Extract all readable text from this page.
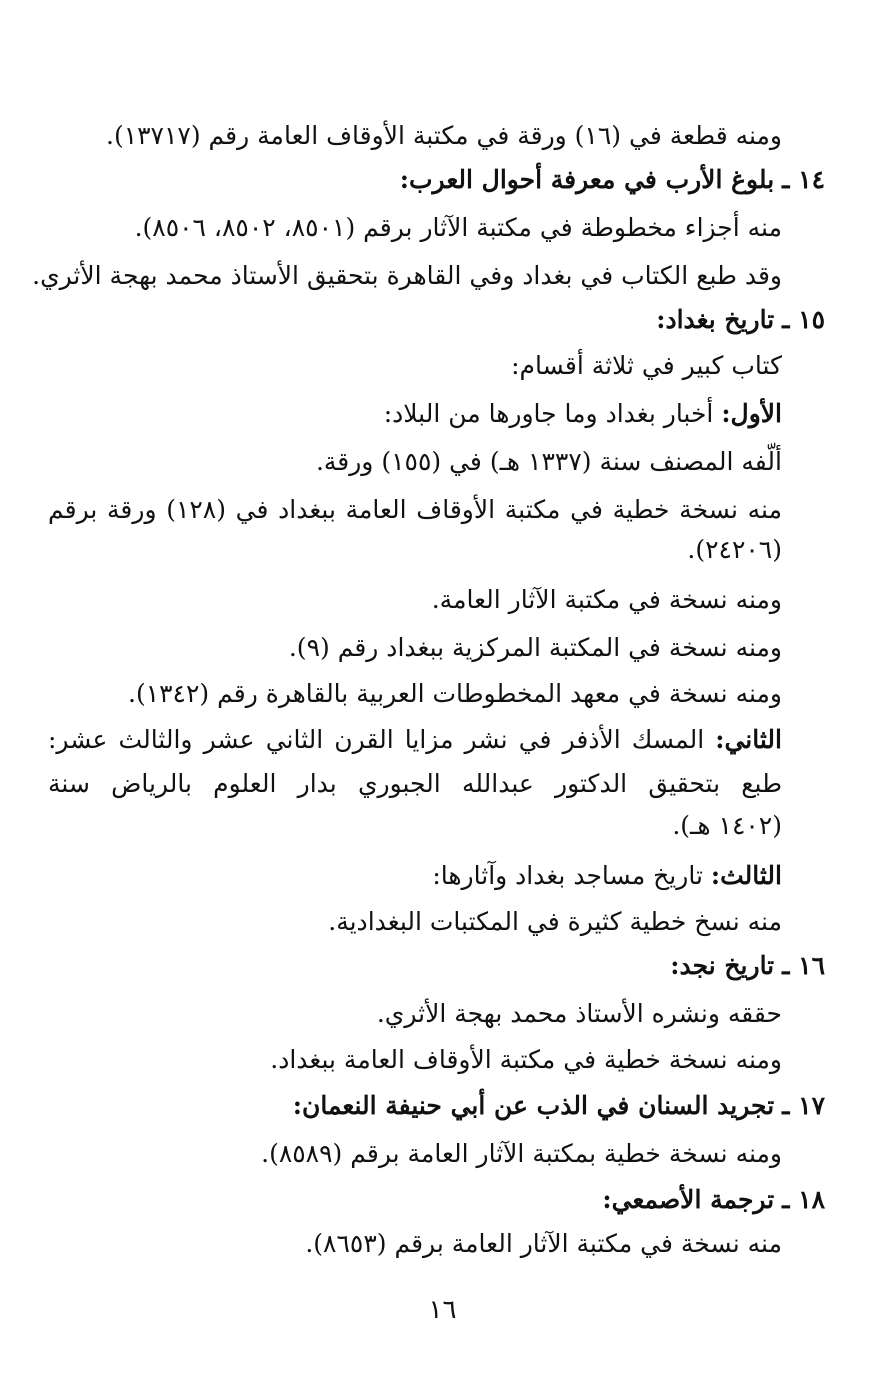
ومنه قطعة في (١٦) ورقة في مكتبة الأوقاف العامة رقم (١٣٧١٧).
١٤ ـ بلوغ الأرب في معرفة أحوال العرب:
منه أجزاء مخطوطة في مكتبة الآثار برقم (٨٥٠١، ٨٥٠٢، ٨٥٠٦).
وقد طبع الكتاب في بغداد وفي القاهرة بتحقيق الأستاذ محمد بهجة الأثري.
١٥ ـ تاريخ بغداد:
كتاب كبير في ثلاثة أقسام:
الأول: أخبار بغداد وما جاورها من البلاد:
ألّفه المصنف سنة (١٣٣٧ هـ) في (١٥٥) ورقة.
منه نسخة خطية في مكتبة الأوقاف العامة ببغداد في (١٢٨) ورقة برقم
(٢٤٢٠٦).
ومنه نسخة في مكتبة الآثار العامة.
ومنه نسخة في المكتبة المركزية ببغداد رقم (٩).
ومنه نسخة في معهد المخطوطات العربية بالقاهرة رقم (١٣٤٢).
الثاني: المسك الأذفر في نشر مزايا القرن الثاني عشر والثالث عشر:
طبع بتحقيق الدكتور عبدالله الجبوري بدار العلوم بالرياض سنة
(١٤٠٢ هـ).
الثالث: تاريخ مساجد بغداد وآثارها:
منه نسخ خطية كثيرة في المكتبات البغدادية.
١٦ ـ تاريخ نجد:
حققه ونشره الأستاذ محمد بهجة الأثري.
ومنه نسخة خطية في مكتبة الأوقاف العامة ببغداد.
١٧ ـ تجريد السنان في الذب عن أبي حنيفة النعمان:
ومنه نسخة خطية بمكتبة الآثار العامة برقم (٨٥٨٩).
١٨ ـ ترجمة الأصمعي:
منه نسخة في مكتبة الآثار العامة برقم (٨٦٥٣).
١٦
